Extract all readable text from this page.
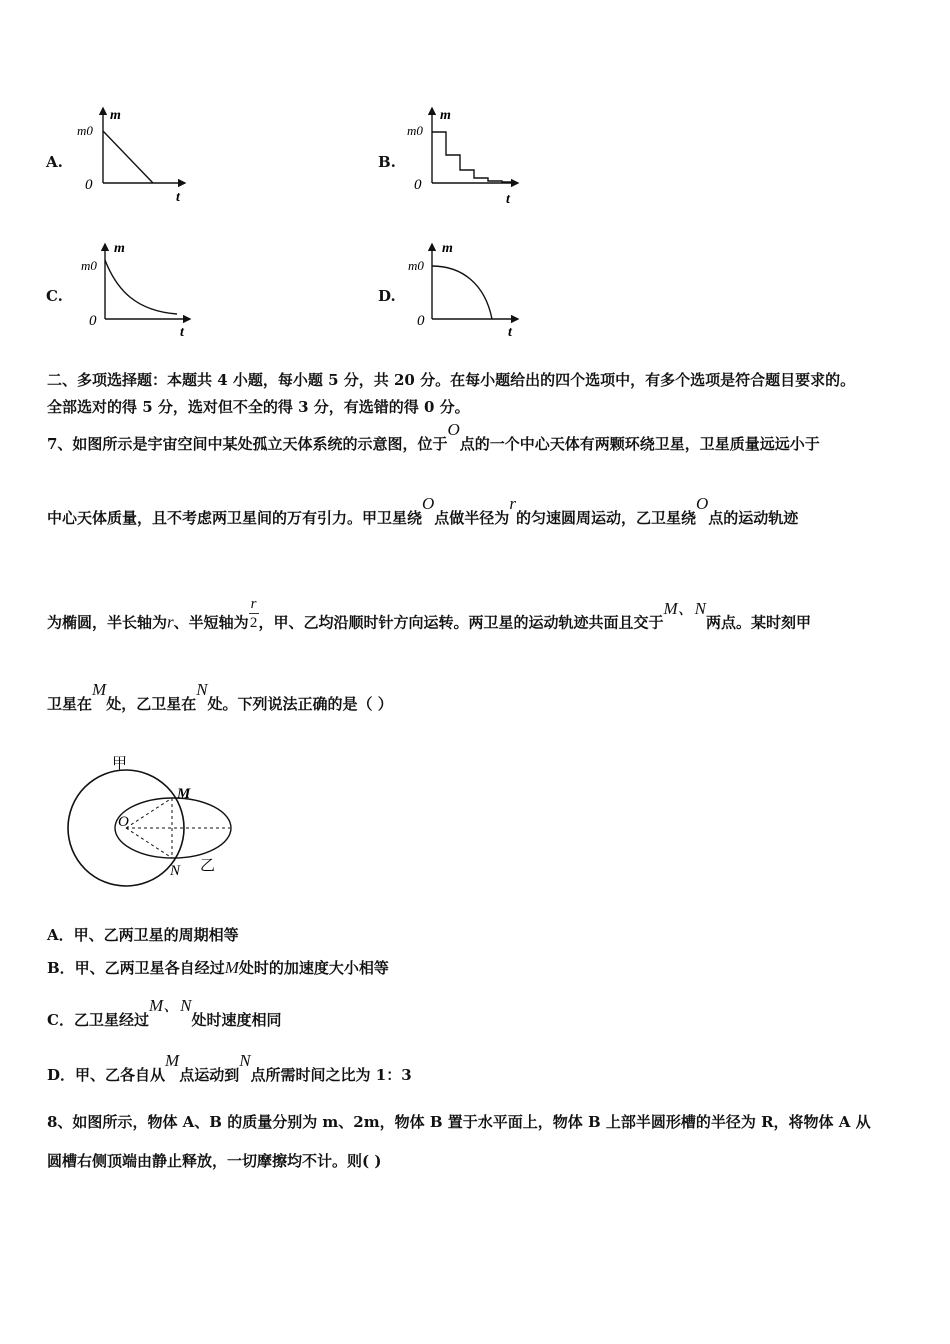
A.
m
m0
0
t
B.
m
m0
0
t
C.
m
m0
0
t
D.
m
m0
0
t
二、多项选择题：本题共 4 小题，每小题 5 分，共 20 分。在每小题给出的四个选项中，有多个选项是符合题目要求的。
全部选对的得 5 分，选对但不全的得 3 分，有选错的得 0 分。
7、如图所示是宇宙空间中某处孤立天体系统的示意图，位于O点的一个中心天体有两颗环绕卫星，卫星质量远远小于
中心天体质量，且不考虑两卫星间的万有引力。甲卫星绕O点做半径为r的匀速圆周运动，乙卫星绕O点的运动轨迹
为椭圆，半长轴为r、半短轴为 $\frac{r}{2}$ ，甲、乙均沿顺时针方向运转。两卫星的运动轨迹共面且交于M、N两点。某时刻甲
卫星在M处，乙卫星在N处。下列说法正确的是（ ）
甲
乙
M
N
O
A．甲、乙两卫星的周期相等
B．甲、乙两卫星各自经过M处时的加速度大小相等
C．乙卫星经过M、N处时速度相同
D．甲、乙各自从M点运动到N点所需时间之比为 1：3
8、如图所示，物体 A、B 的质量分别为 m、2m，物体 B 置于水平面上，物体 B 上部半圆形槽的半径为 R，将物体 A 从
圆槽右侧顶端由静止释放，一切摩擦均不计。则( )
